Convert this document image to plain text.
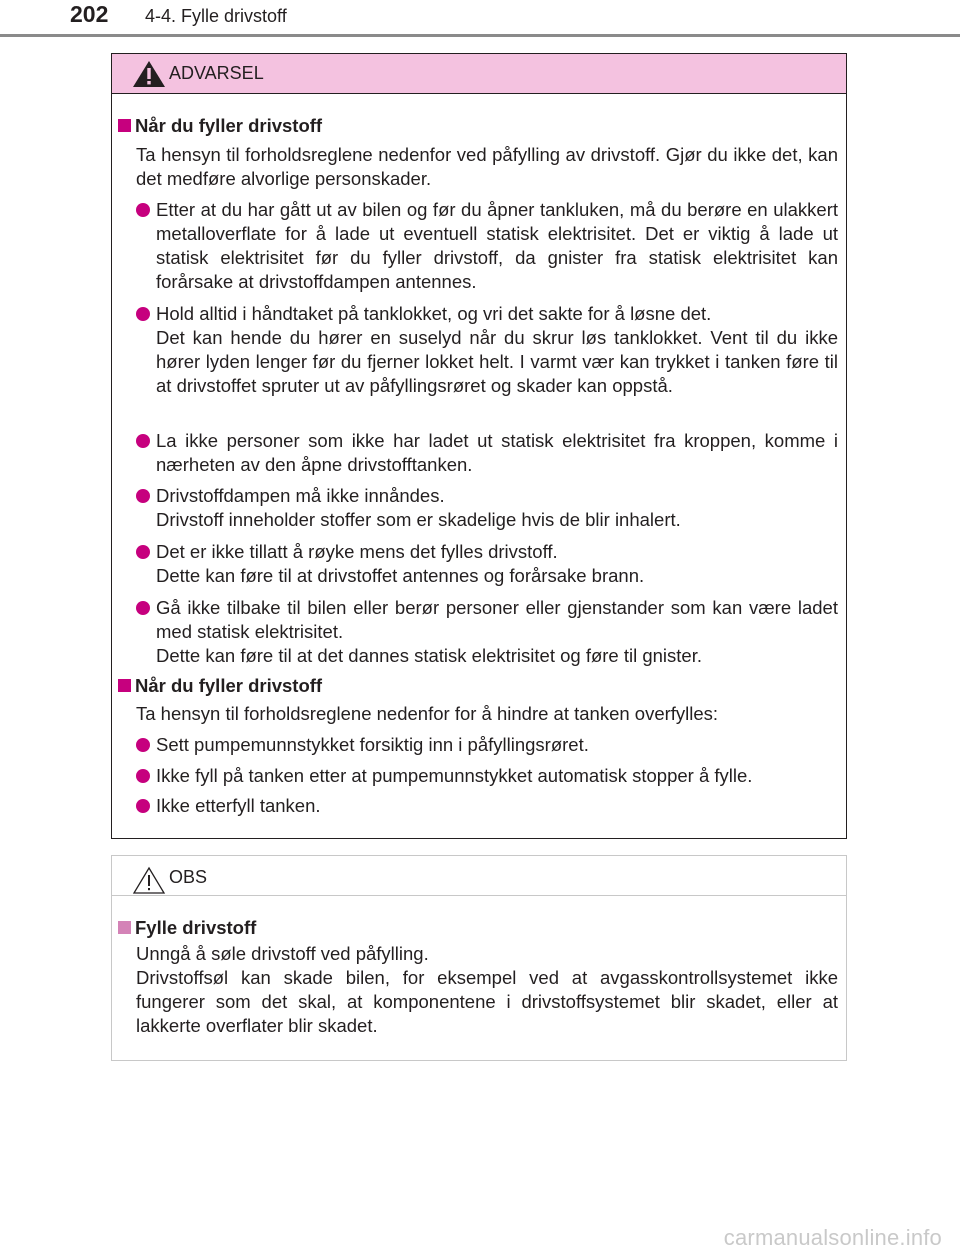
202 4-4. Fylle drivstoff
ADVARSEL
Når du fyller drivstoff
Ta hensyn til forholdsreglene nedenfor ved påfylling av drivstoff. Gjør du ikke det, kan det medføre alvorlige personskader.
Etter at du har gått ut av bilen og før du åpner tankluken, må du berøre en ulakkert metalloverflate for å lade ut eventuell statisk elektrisitet. Det er viktig å lade ut statisk elektrisitet før du fyller drivstoff, da gnister fra statisk elektrisitet kan forårsake at drivstoffdampen antennes.
Hold alltid i håndtaket på tanklokket, og vri det sakte for å løsne det.
Det kan hende du hører en suselyd når du skrur løs tanklokket. Vent til du ikke hører lyden lenger før du fjerner lokket helt. I varmt vær kan trykket i tanken føre til at drivstoffet spruter ut av påfyllingsrøret og skader kan oppstå.
La ikke personer som ikke har ladet ut statisk elektrisitet fra kroppen, komme i nærheten av den åpne drivstofftanken.
Drivstoffdampen må ikke innåndes.
Drivstoff inneholder stoffer som er skadelige hvis de blir inhalert.
Det er ikke tillatt å røyke mens det fylles drivstoff.
Dette kan føre til at drivstoffet antennes og forårsake brann.
Gå ikke tilbake til bilen eller berør personer eller gjenstander som kan være ladet med statisk elektrisitet.
Dette kan føre til at det dannes statisk elektrisitet og føre til gnister.
Når du fyller drivstoff
Ta hensyn til forholdsreglene nedenfor for å hindre at tanken overfylles:
Sett pumpemunnstykket forsiktig inn i påfyllingsrøret.
Ikke fyll på tanken etter at pumpemunnstykket automatisk stopper å fylle.
Ikke etterfyll tanken.
OBS
Fylle drivstoff
Unngå å søle drivstoff ved påfylling.
Drivstoffsøl kan skade bilen, for eksempel ved at avgasskontrollsystemet ikke fungerer som det skal, at komponentene i drivstoffsystemet blir skadet, eller at lakkerte overflater blir skadet.
carmanualsonline.info
